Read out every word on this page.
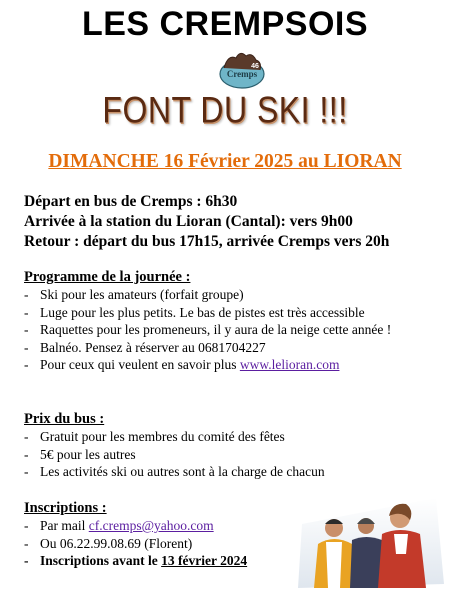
LES CREMPSOIS
Cremps
46
FONT DU SKI !!!
DIMANCHE 16 Février 2025 au LIORAN
Départ en bus de Cremps : 6h30
Arrivée à la station du Lioran (Cantal): vers 9h00
Retour : départ du bus 17h15, arrivée Cremps vers 20h
Programme de la journée :
- Ski pour les amateurs (forfait groupe)
- Luge pour les plus petits. Le bas de pistes est très accessible
- Raquettes pour les promeneurs, il y aura de la neige cette année !
- Balnéo. Pensez à réserver au 0681704227
- Pour ceux qui veulent en savoir plus www.lelioran.com
Prix du bus :
- Gratuit pour les membres du comité des fêtes
- 5€ pour les autres
- Les activités ski ou autres sont à la charge de chacun
Inscriptions :
- Par mail cf.cremps@yahoo.com
- Ou 06.22.99.08.69 (Florent)
- Inscriptions avant le 13 février 2024
